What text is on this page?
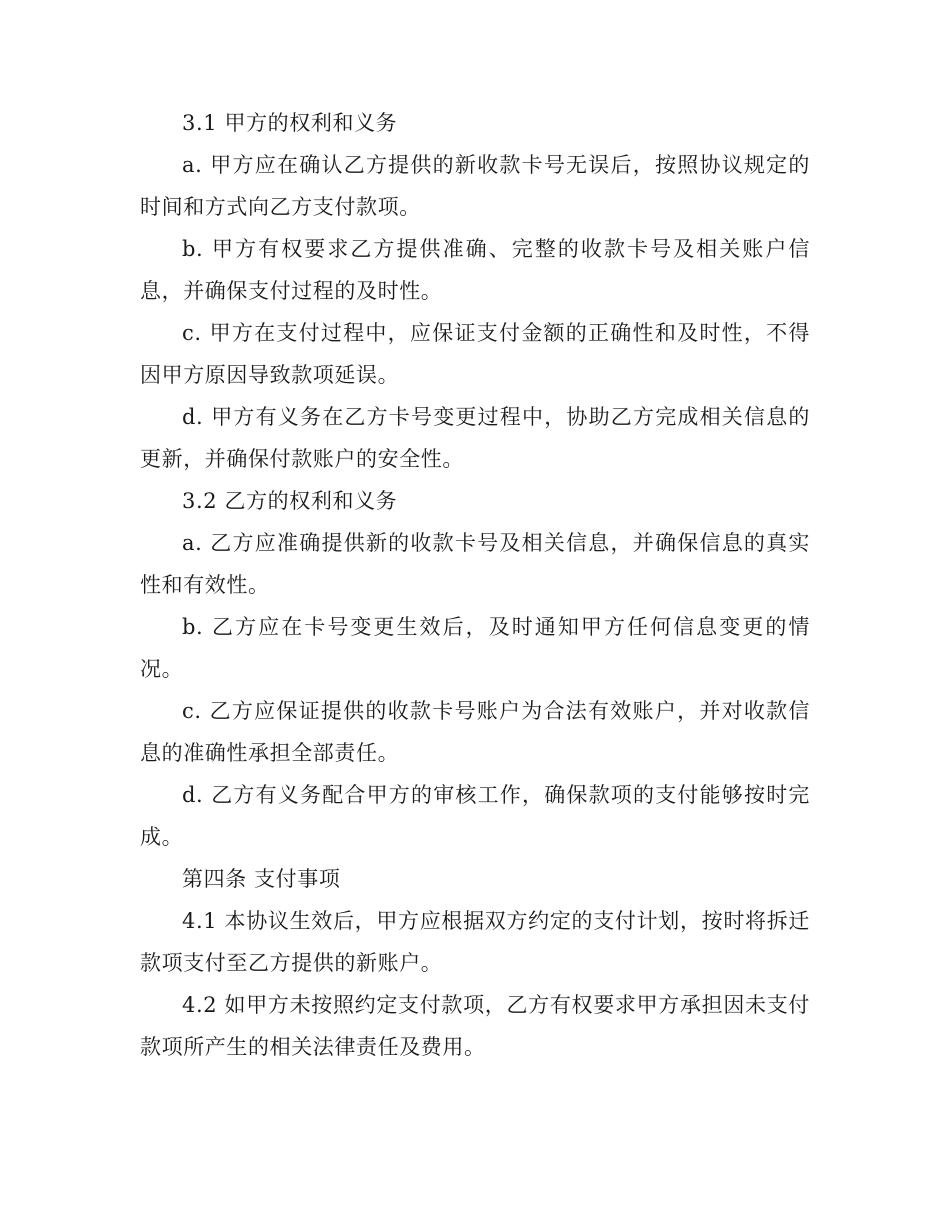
3.1 甲方的权利和义务

a. 甲方应在确认乙方提供的新收款卡号无误后，按照协议规定的时间和方式向乙方支付款项。

b. 甲方有权要求乙方提供准确、完整的收款卡号及相关账户信息，并确保支付过程的及时性。

c. 甲方在支付过程中，应保证支付金额的正确性和及时性，不得因甲方原因导致款项延误。

d. 甲方有义务在乙方卡号变更过程中，协助乙方完成相关信息的更新，并确保付款账户的安全性。

3.2 乙方的权利和义务

a. 乙方应准确提供新的收款卡号及相关信息，并确保信息的真实性和有效性。

b. 乙方应在卡号变更生效后，及时通知甲方任何信息变更的情况。

c. 乙方应保证提供的收款卡号账户为合法有效账户，并对收款信息的准确性承担全部责任。

d. 乙方有义务配合甲方的审核工作，确保款项的支付能够按时完成。

第四条 支付事项

4.1 本协议生效后，甲方应根据双方约定的支付计划，按时将拆迁款项支付至乙方提供的新账户。

4.2 如甲方未按照约定支付款项，乙方有权要求甲方承担因未支付款项所产生的相关法律责任及费用。
